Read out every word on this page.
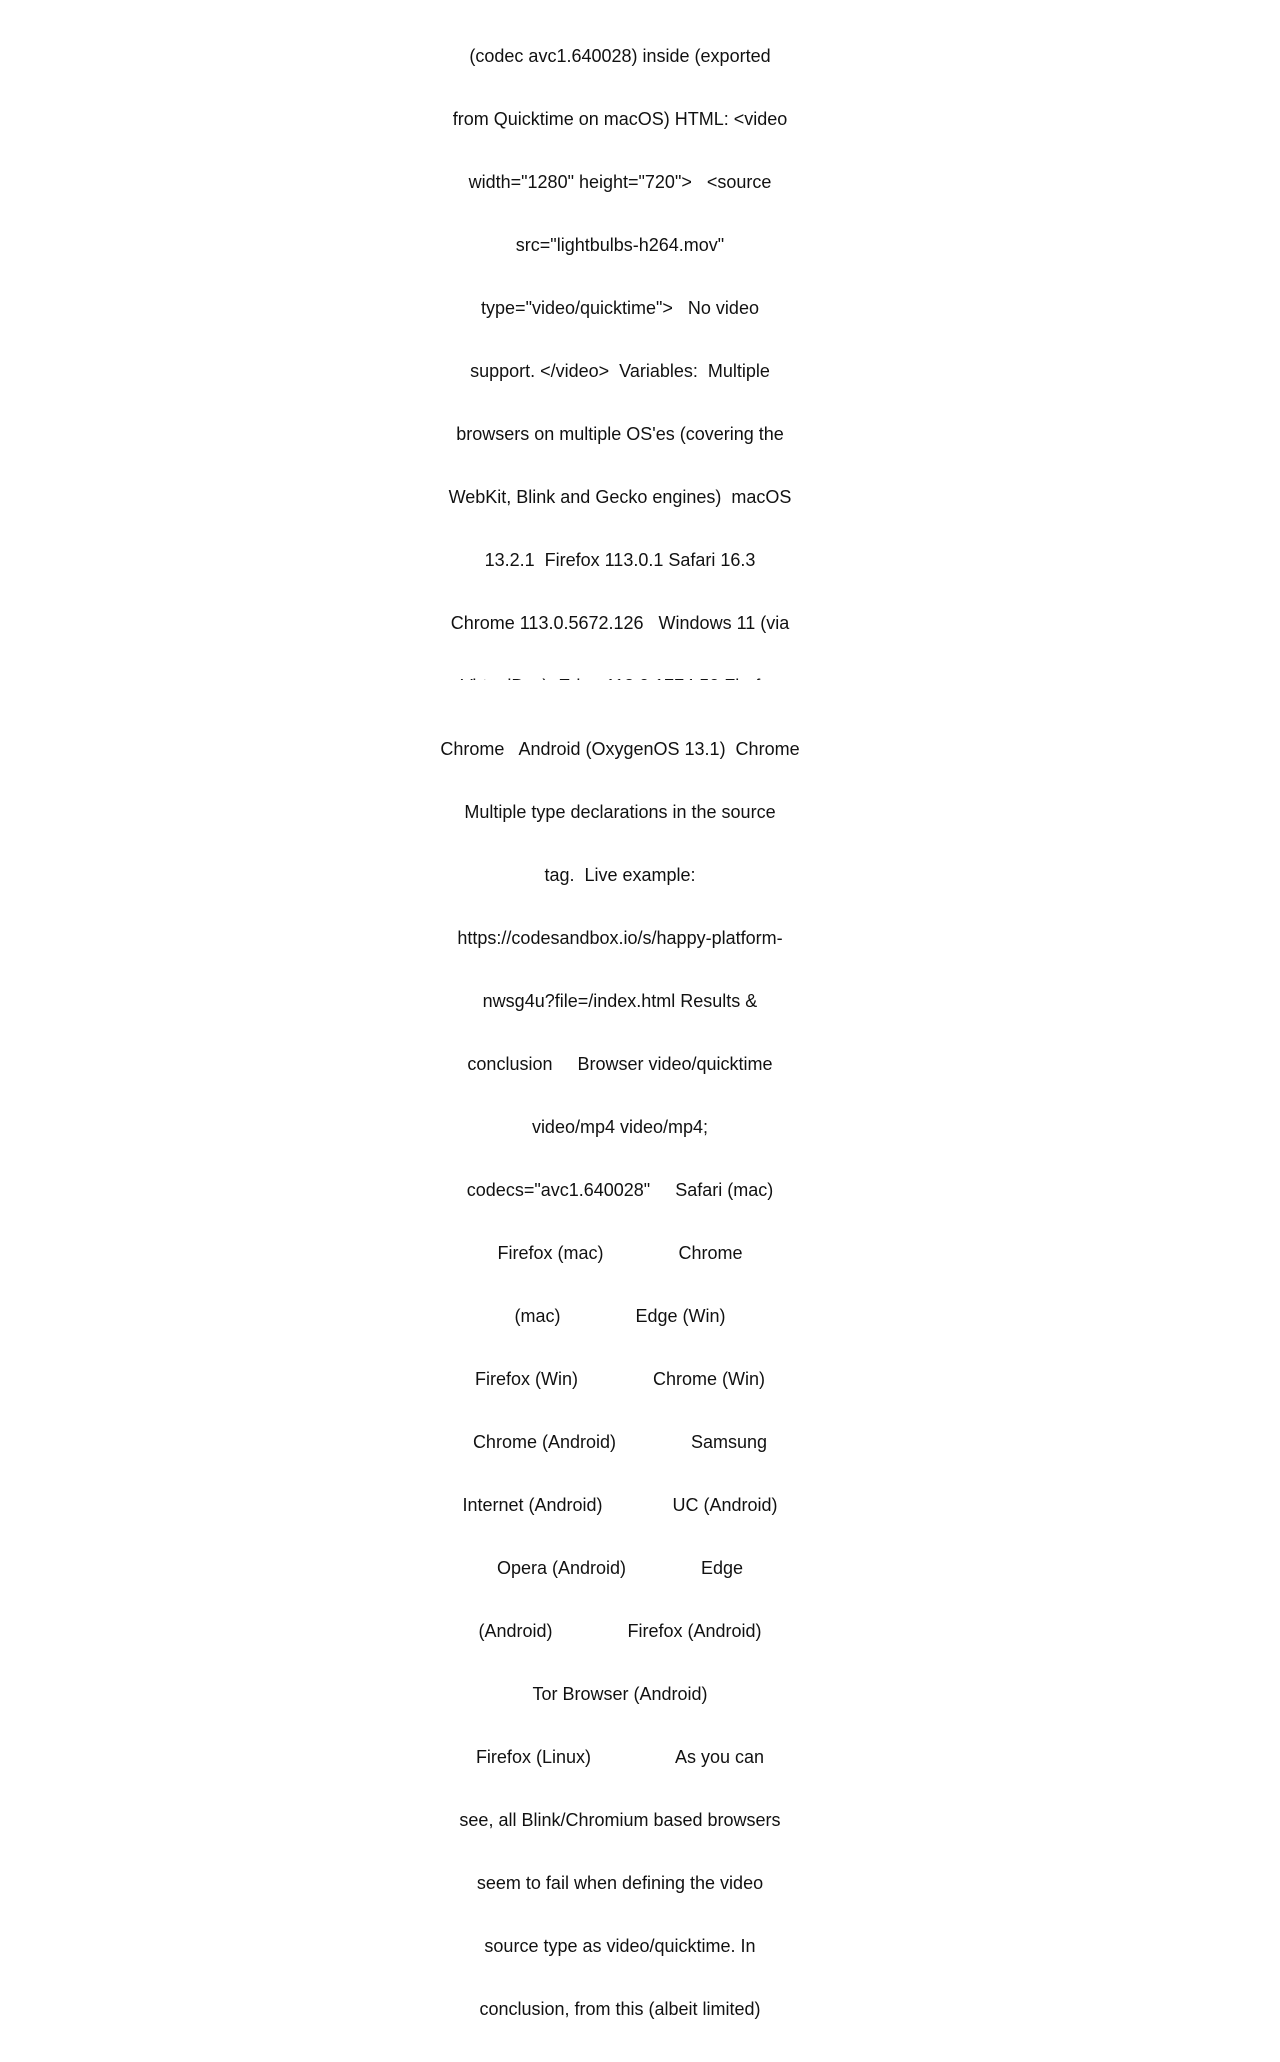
(codec avc1.640028) inside (exported

from Quicktime on macOS) HTML: <video

width="1280" height="720">   <source

src="lightbulbs-h264.mov"

type="video/quicktime">   No video

support. </video>  Variables:  Multiple

browsers on multiple OS'es (covering the

WebKit, Blink and Gecko engines)  macOS

13.2.1  Firefox 113.0.1 Safari 16.3

Chrome 113.0.5672.126   Windows 11 (via

Chrome   Android (OxygenOS 13.1)  Chrome

Multiple type declarations in the source

tag.  Live example:

https://codesandbox.io/s/happy-platform-

nwsg4u?file=/index.html Results &

conclusion     Browser video/quicktime

video/mp4 video/mp4;

codecs="avc1.640028"     Safari (mac)

Firefox (mac)               Chrome

(mac)               Edge (Win)

Firefox (Win)               Chrome (Win)

Chrome (Android)               Samsung

Internet (Android)              UC (Android)

Opera (Android)               Edge

(Android)               Firefox (Android)

Tor Browser (Android)

Firefox (Linux)                 As you can

see, all Blink/Chromium based browsers

seem to fail when defining the video

source type as video/quicktime. In

conclusion, from this (albeit limited)
